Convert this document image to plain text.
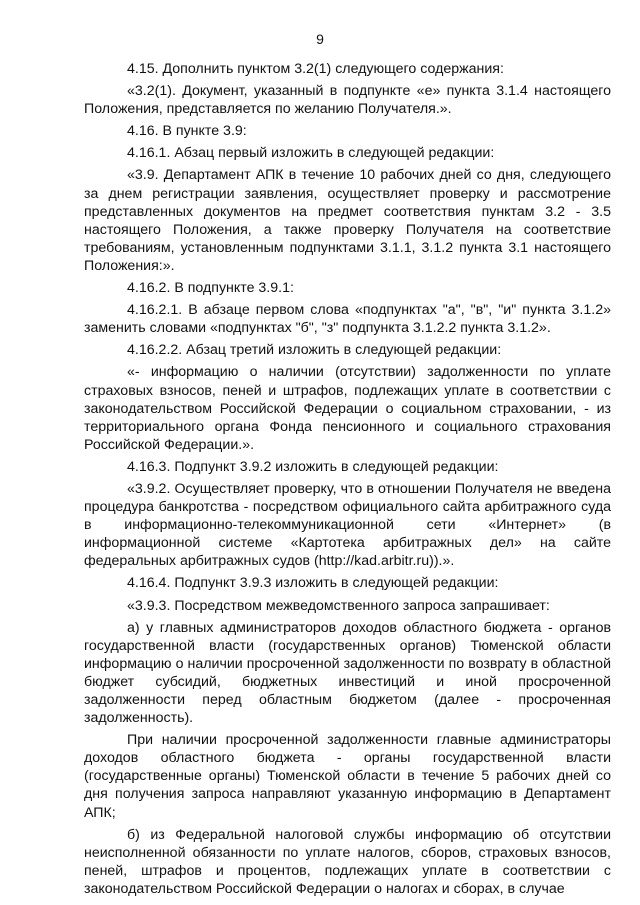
9

4.15. Дополнить пунктом 3.2(1) следующего содержания:

«3.2(1). Документ, указанный в подпункте «е» пункта 3.1.4 настоящего Положения, представляется по желанию Получателя.».

4.16. В пункте 3.9:

4.16.1. Абзац первый изложить в следующей редакции:

«3.9. Департамент АПК в течение 10 рабочих дней со дня, следующего за днем регистрации заявления, осуществляет проверку и рассмотрение представленных документов на предмет соответствия пунктам 3.2 - 3.5 настоящего Положения, а также проверку Получателя на соответствие требованиям, установленным подпунктами 3.1.1, 3.1.2 пункта 3.1 настоящего Положения:».

4.16.2. В подпункте 3.9.1:

4.16.2.1. В абзаце первом слова «подпунктах "а", "в", "и" пункта 3.1.2» заменить словами «подпунктах "б", "з" подпункта 3.1.2.2 пункта 3.1.2».

4.16.2.2. Абзац третий изложить в следующей редакции:

«- информацию о наличии (отсутствии) задолженности по уплате страховых взносов, пеней и штрафов, подлежащих уплате в соответствии с законодательством Российской Федерации о социальном страховании, - из территориального органа Фонда пенсионного и социального страхования Российской Федерации.».

4.16.3. Подпункт 3.9.2 изложить в следующей редакции:

«3.9.2. Осуществляет проверку, что в отношении Получателя не введена процедура банкротства - посредством официального сайта арбитражного суда в информационно-телекоммуникационной сети «Интернет» (в информационной системе «Картотека арбитражных дел» на сайте федеральных арбитражных судов (http://kad.arbitr.ru)).».

4.16.4. Подпункт 3.9.3 изложить в следующей редакции:

«3.9.3. Посредством межведомственного запроса запрашивает:

а) у главных администраторов доходов областного бюджета - органов государственной власти (государственных органов) Тюменской области информацию о наличии просроченной задолженности по возврату в областной бюджет субсидий, бюджетных инвестиций и иной просроченной задолженности перед областным бюджетом (далее - просроченная задолженность).

При наличии просроченной задолженности главные администраторы доходов областного бюджета - органы государственной власти (государственные органы) Тюменской области в течение 5 рабочих дней со дня получения запроса направляют указанную информацию в Департамент АПК;

б) из Федеральной налоговой службы информацию об отсутствии неисполненной обязанности по уплате налогов, сборов, страховых взносов, пеней, штрафов и процентов, подлежащих уплате в соответствии с законодательством Российской Федерации о налогах и сборах, в случае
